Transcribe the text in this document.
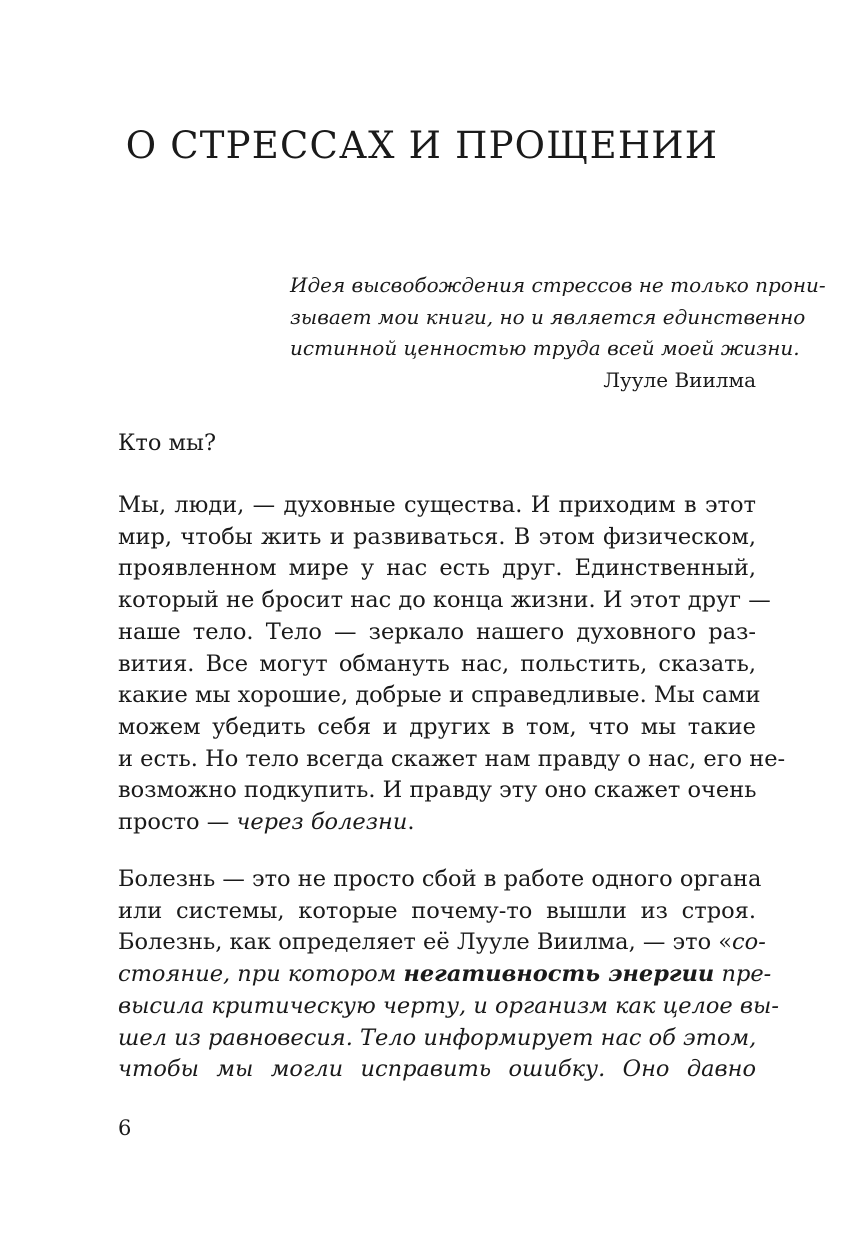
О СТРЕССАХ И ПРОЩЕНИИ
Идея высвобождения стрессов не только прони-
зывает мои книги, но и является единственно
истинной ценностью труда всей моей жизни.
Лууле Виилма
Кто мы?
Мы, люди, — духовные существа. И приходим в этот
мир, чтобы жить и развиваться. В этом физическом,
проявленном мире у нас есть друг. Единственный,
который не бросит нас до конца жизни. И этот друг —
наше тело. Тело — зеркало нашего духовного раз-
вития. Все могут обмануть нас, польстить, сказать,
какие мы хорошие, добрые и справедливые. Мы сами
можем убедить себя и других в том, что мы такие
и есть. Но тело всегда скажет нам правду о нас, его не-
возможно подкупить. И правду эту оно скажет очень
просто — через болезни.
Болезнь — это не просто сбой в работе одного органа
или системы, которые почему-то вышли из строя.
Болезнь, как определяет её Лууле Виилма, — это «со-
стояние, при котором негативность энергии пре-
высила критическую черту, и организм как целое вы-
шел из равновесия. Тело информирует нас об этом,
чтобы мы могли исправить ошибку. Оно давно
6
